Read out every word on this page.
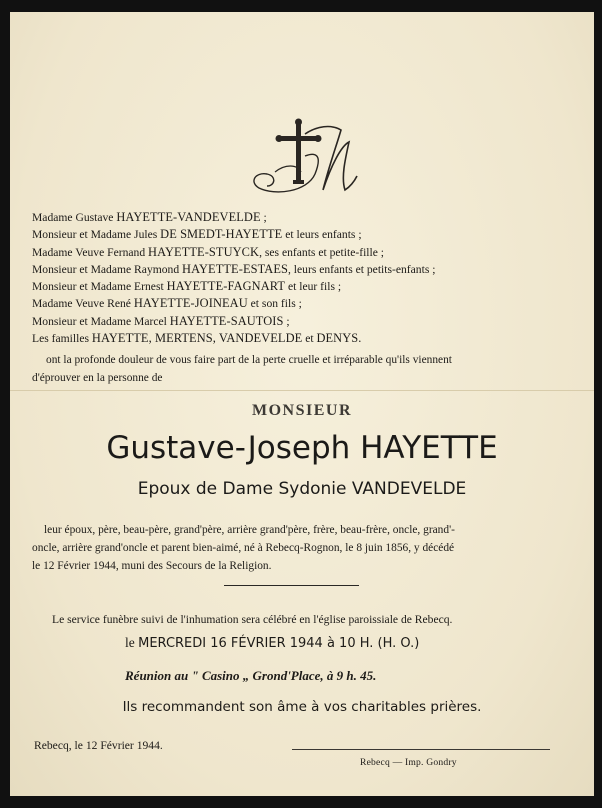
Madame Gustave HAYETTE-VANDEVELDE ;
Monsieur et Madame Jules DE SMEDT-HAYETTE et leurs enfants ;
Madame Veuve Fernand HAYETTE-STUYCK, ses enfants et petite-fille ;
Monsieur et Madame Raymond HAYETTE-ESTAES, leurs enfants et petits-enfants ;
Monsieur et Madame Ernest HAYETTE-FAGNART et leur fils ;
Madame Veuve René HAYETTE-JOINEAU et son fils ;
Monsieur et Madame Marcel HAYETTE-SAUTOIS ;
Les familles HAYETTE, MERTENS, VANDEVELDE et DENYS.

ont la profonde douleur de vous faire part de la perte cruelle et irréparable qu'ils viennent

d'éprouver en la personne de

MONSIEUR
Gustave-Joseph HAYETTE
Epoux de Dame Sydonie VANDEVELDE
leur époux, père, beau-père, grand'père, arrière grand'père, frère, beau-frère, oncle, grand'-
oncle, arrière grand'oncle et parent bien-aimé, né à Rebecq-Rognon, le 8 juin 1856, y décédé
le 12 Février 1944, muni des Secours de la Religion.
Le service funèbre suivi de l'inhumation sera célébré en l'église paroissiale de Rebecq.
le MERCREDI 16 FÉVRIER 1944 à 10 H. (H. O.)
Réunion au " Casino „ Grond'Place, à 9 h. 45.
Ils recommandent son âme à vos charitables prières.
Rebecq, le 12 Février 1944.
Rebecq — Imp. Gondry
